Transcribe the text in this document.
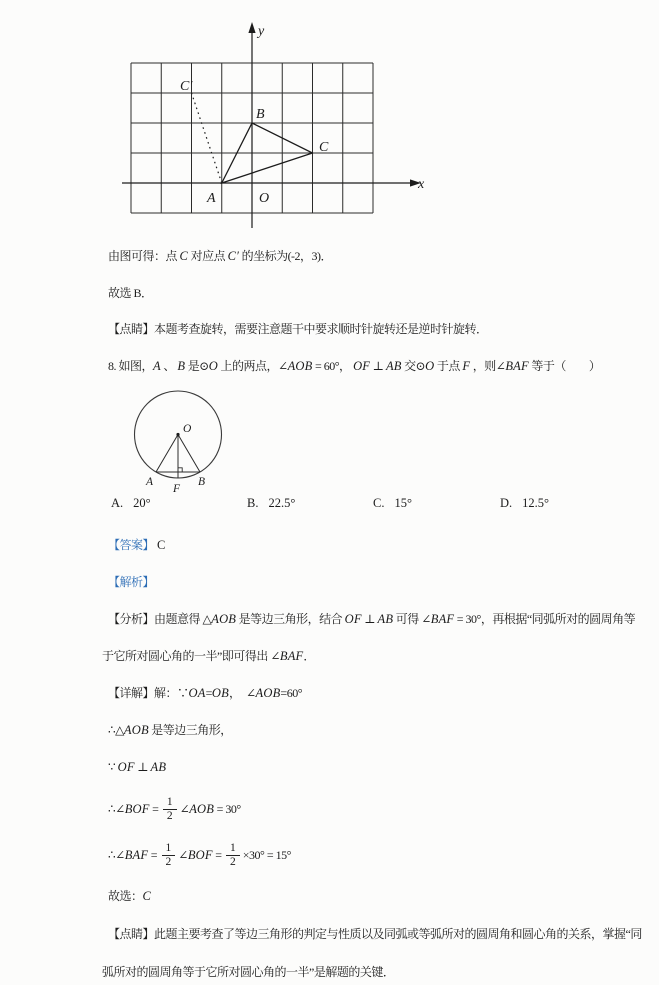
y
x
A	O
B
C
C′

由图可得：点 C 对应点 C′ 的坐标为(-2，3)．

故选 B．

【点睛】本题考查旋转，需要注意题干中要求顺时针旋转还是逆时针旋转．

8. 如图，A 、 B 是⊙O 上的两点，∠AOB = 60°， OF ⊥ AB 交⊙O 于点 F ，则∠BAF 等于（　　）

O
A
F
B
A. 20°	B. 22.5°	C. 15°	D. 12.5°

【答案】 C

【解析】

【分析】由题意得 △AOB 是等边三角形，结合 OF ⊥ AB 可得 ∠BAF = 30°，再根据“同弧所对的圆周角等

于它所对圆心角的一半”即可得出 ∠BAF．

【详解】解：∵OA=OB，　∠AOB=60°

∴△AOB 是等边三角形，

∵ OF ⊥ AB

∴∠BOF = $\frac{1}{2}$ ∠AOB = 30°

∴∠BAF = $\frac{1}{2}$ ∠BOF = $\frac{1}{2} \times 30^\circ = 15^\circ$

故选：C

【点睛】此题主要考查了等边三角形的判定与性质以及同弧或等弧所对的圆周角和圆心角的关系，掌握“同

弧所对的圆周角等于它所对圆心角的一半”是解题的关键．
